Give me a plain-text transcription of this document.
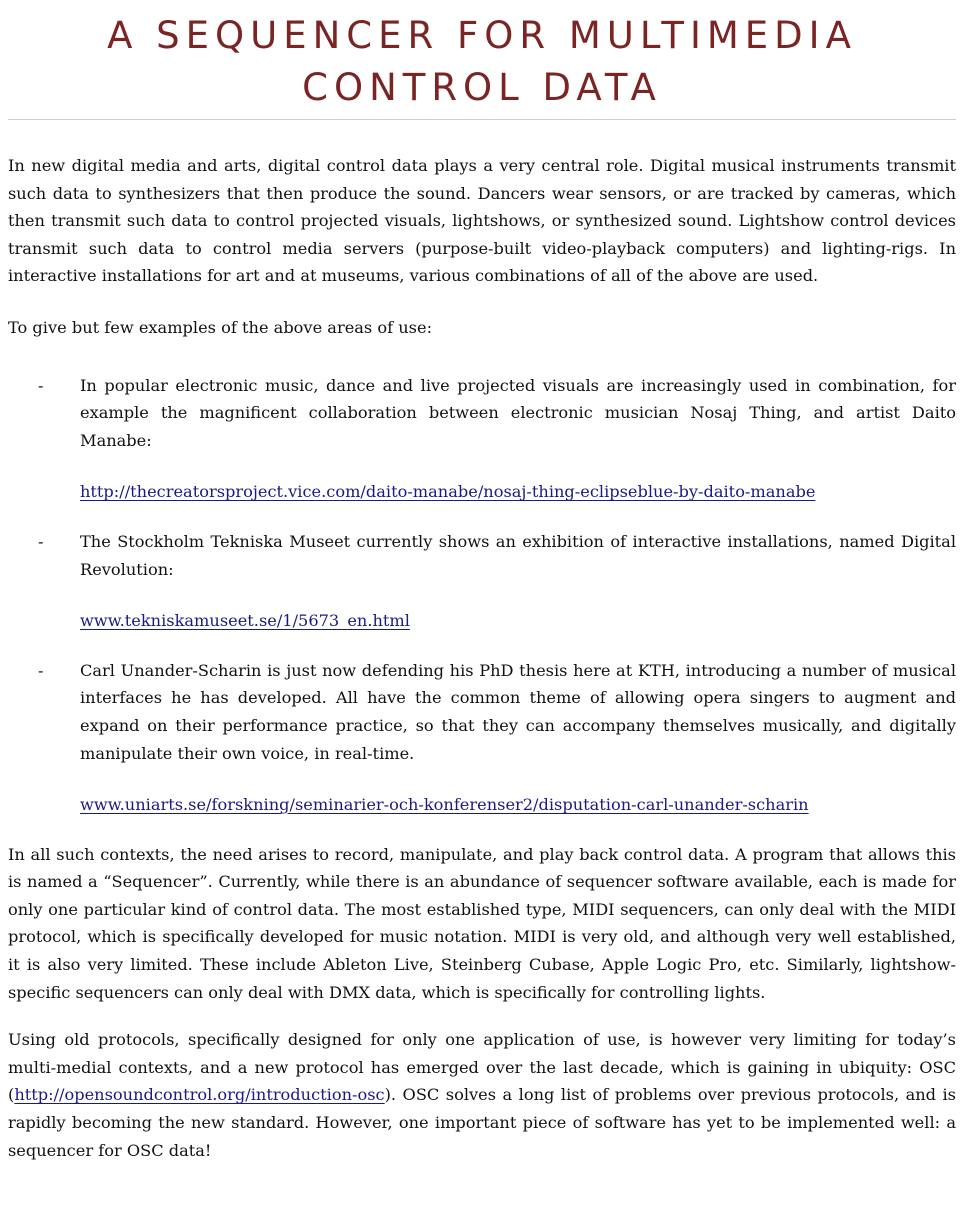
A SEQUENCER FOR MULTIMEDIA
CONTROL DATA

In new digital media and arts, digital control data plays a very central role. Digital musical instruments transmit such data to synthesizers that then produce the sound. Dancers wear sensors, or are tracked by cameras, which then transmit such data to control projected visuals, lightshows, or synthesized sound. Lightshow control devices transmit such data to control media servers (purpose-built video-playback computers) and lighting-rigs. In interactive installations for art and at museums, various combinations of all of the above are used.

To give but few examples of the above areas of use:

- In popular electronic music, dance and live projected visuals are increasingly used in combination, for example the magnificent collaboration between electronic musician Nosaj Thing, and artist Daito Manabe:

http://thecreatorsproject.vice.com/daito-manabe/nosaj-thing-eclipseblue-by-daito-manabe
- The Stockholm Tekniska Museet currently shows an exhibition of interactive installations, named Digital Revolution:

www.tekniskamuseet.se/1/5673_en.html
- Carl Unander-Scharin is just now defending his PhD thesis here at KTH, introducing a number of musical interfaces he has developed. All have the common theme of allowing opera singers to augment and expand on their performance practice, so that they can accompany themselves musically, and digitally manipulate their own voice, in real-time.

www.uniarts.se/forskning/seminarier-och-konferenser2/disputation-carl-unander-scharin

In all such contexts, the need arises to record, manipulate, and play back control data. A program that allows this is named a “Sequencer”. Currently, while there is an abundance of sequencer software available, each is made for only one particular kind of control data. The most established type, MIDI sequencers, can only deal with the MIDI protocol, which is specifically developed for music notation. MIDI is very old, and although very well established, it is also very limited. These include Ableton Live, Steinberg Cubase, Apple Logic Pro, etc. Similarly, lightshow-specific sequencers can only deal with DMX data, which is specifically for controlling lights.

Using old protocols, specifically designed for only one application of use, is however very limiting for today’s multi-medial contexts, and a new protocol has emerged over the last decade, which is gaining in ubiquity: OSC (http://opensoundcontrol.org/introduction-osc). OSC solves a long list of problems over previous protocols, and is rapidly becoming the new standard. However, one important piece of software has yet to be implemented well: a sequencer for OSC data!
